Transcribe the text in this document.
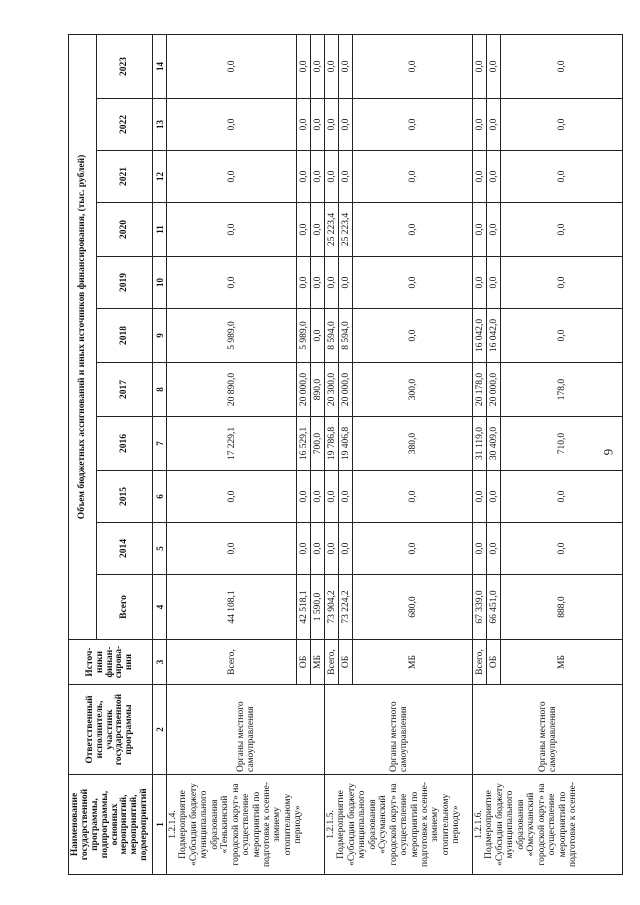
6
Наименование государственной программы, подпрограммы, основных мероприятий, мероприятий, подмероприятий	Ответственный исполнитель, участник государственной программы	Источ-ники финан-сирова-ния	Объем бюджетных ассигнований и иных источников финансирования, (тыс. рублей)										
			Всего	2014	2015	2016	2017	2018	2019	2020	2021	2022	2023
1	2	3	4	5	6	7	8	9	10	11	12	13	14

1.2.1.4. Подмероприятие «Субсидии бюджету муниципального образования «Тенькинский городской округ» на осуществление мероприятий по подготовке к осенне-зимнему отопительному периоду»	Органы местного самоуправления	Всего,	44 108,1	0,0	0,0	17 229,1	20 890,0	5 989,0	0,0	0,0	0,0	0,0	0,0
		ОБ	42 518,1	0,0	0,0	16 529,1	20 000,0	5 989,0	0,0	0,0	0,0	0,0	0,0
		МБ	1 590,0	0,0	0,0	700,0	890,0	0,0	0,0	0,0	0,0	0,0	0,0

1.2.1.5. Подмероприятие «Субсидии бюджету муниципального образования «Сусуманский городской округ» на осуществление мероприятий по подготовке к осенне-зимнему отопительному периоду»	Органы местного самоуправления	Всего,	73 904,2	0,0	0,0	19 786,8	20 300,0	8 594,0	0,0	25 223,4	0,0	0,0	0,0
		ОБ	73 224,2	0,0	0,0	19 406,8	20 000,0	8 594,0	0,0	25 223,4	0,0	0,0	0,0
		МБ	680,0	0,0	0,0	380,0	300,0	0,0	0,0	0,0	0,0	0,0	0,0

1.2.1.6. Подмероприятие «Субсидии бюджету муниципального образования «Омсукчанский городской округ» на осуществление мероприятий по подготовке к осенне-	Органы местного самоуправления	Всего,	67 339,0	0,0	0,0	31 119,0	20 178,0	16 042,0	0,0	0,0	0,0	0,0	0,0
		ОБ	66 451,0	0,0	0,0	30 409,0	20 000,0	16 042,0	0,0	0,0	0,0	0,0	0,0
		МБ	888,0	0,0	0,0	710,0	178,0	0,0	0,0	0,0	0,0	0,0	0,0
